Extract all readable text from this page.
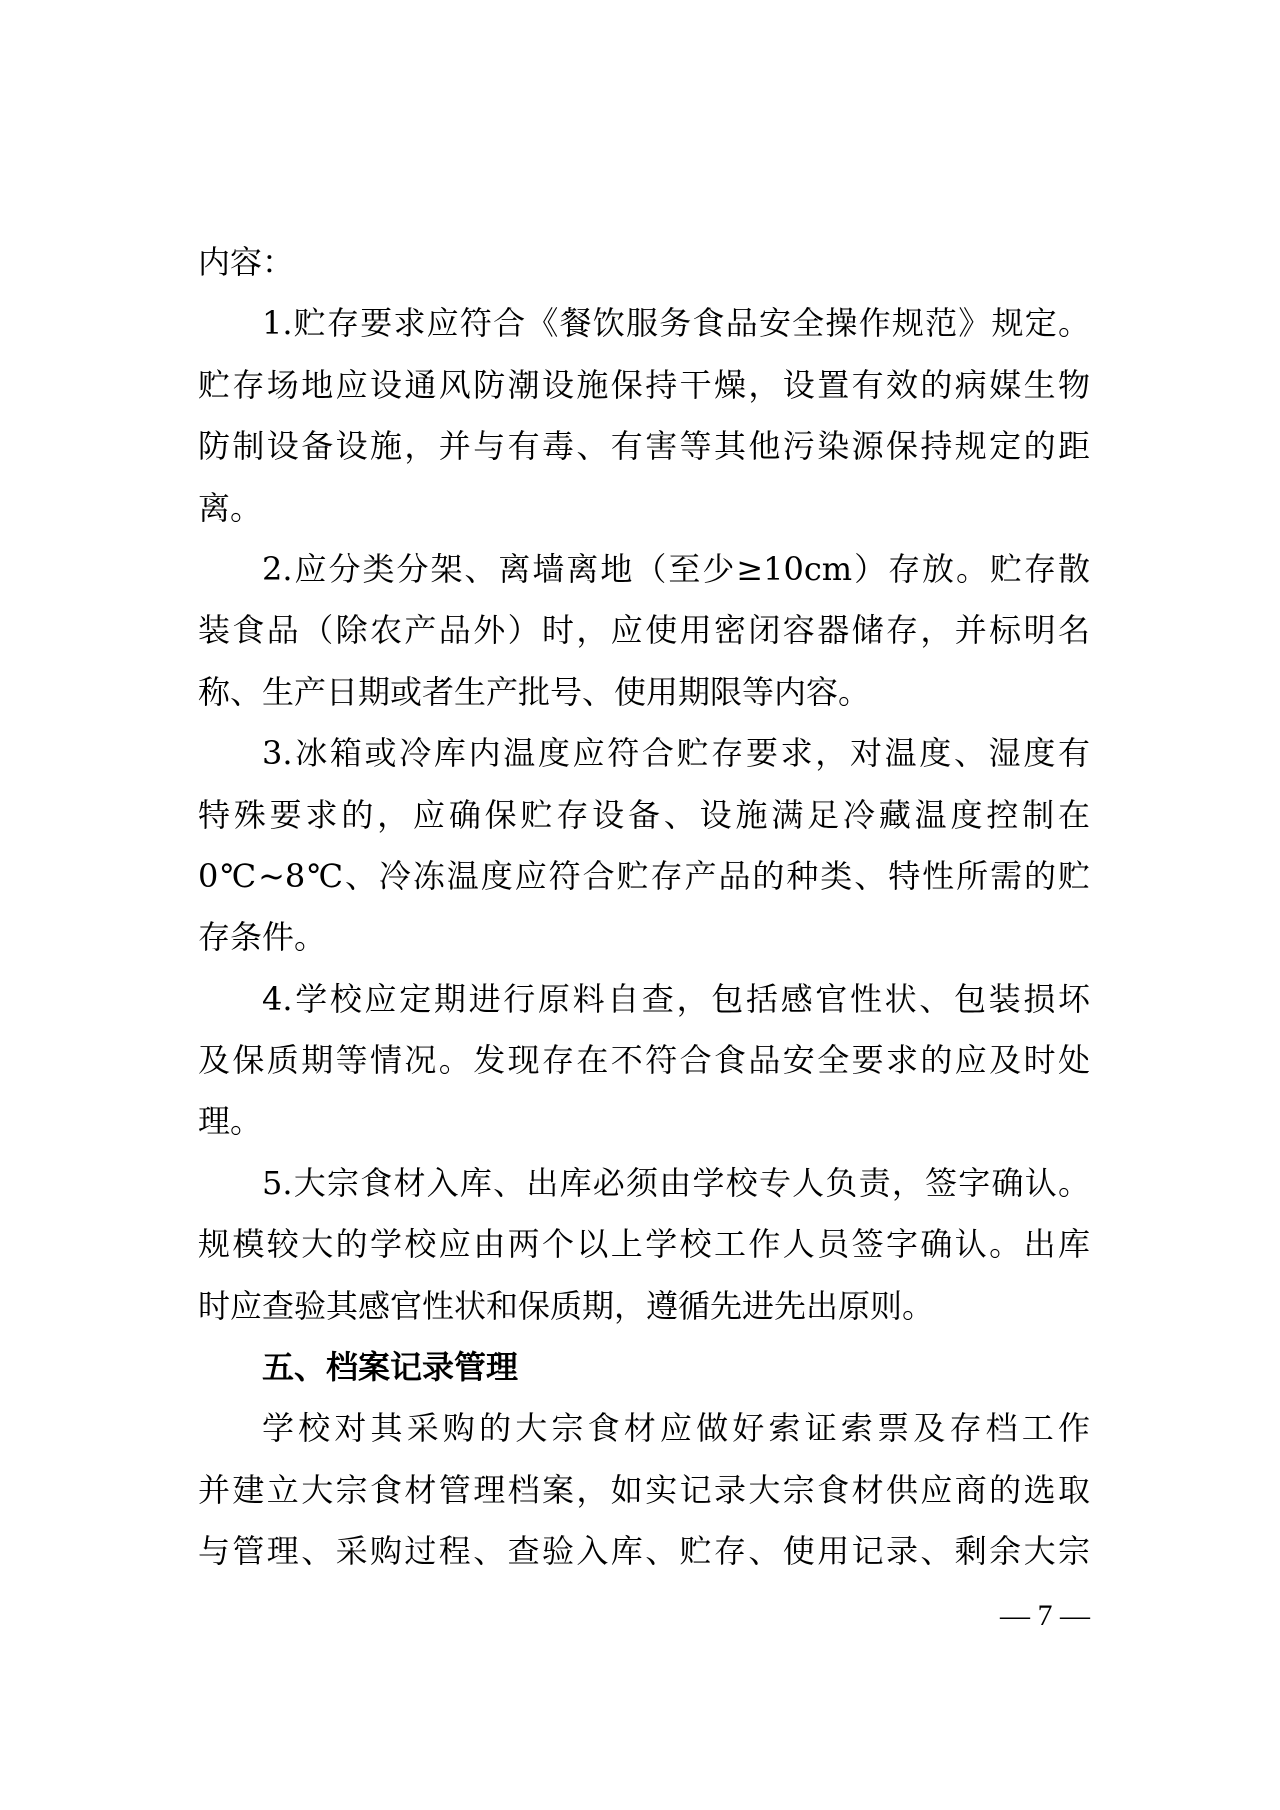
内容：
1.贮存要求应符合《餐饮服务食品安全操作规范》规定。
贮存场地应设通风防潮设施保持干燥，设置有效的病媒生物
防制设备设施，并与有毒、有害等其他污染源保持规定的距
离。
2.应分类分架、离墙离地（至少≥10cm）存放。贮存散
装食品（除农产品外）时，应使用密闭容器储存，并标明名
称、生产日期或者生产批号、使用期限等内容。
3.冰箱或冷库内温度应符合贮存要求，对温度、湿度有
特殊要求的，应确保贮存设备、设施满足冷藏温度控制在
0℃~8℃、冷冻温度应符合贮存产品的种类、特性所需的贮
存条件。
4.学校应定期进行原料自查，包括感官性状、包装损坏
及保质期等情况。发现存在不符合食品安全要求的应及时处
理。
5.大宗食材入库、出库必须由学校专人负责，签字确认。
规模较大的学校应由两个以上学校工作人员签字确认。出库
时应查验其感官性状和保质期，遵循先进先出原则。
五、档案记录管理
学校对其采购的大宗食材应做好索证索票及存档工作
并建立大宗食材管理档案，如实记录大宗食材供应商的选取
与管理、采购过程、查验入库、贮存、使用记录、剩余大宗
— 7 —
